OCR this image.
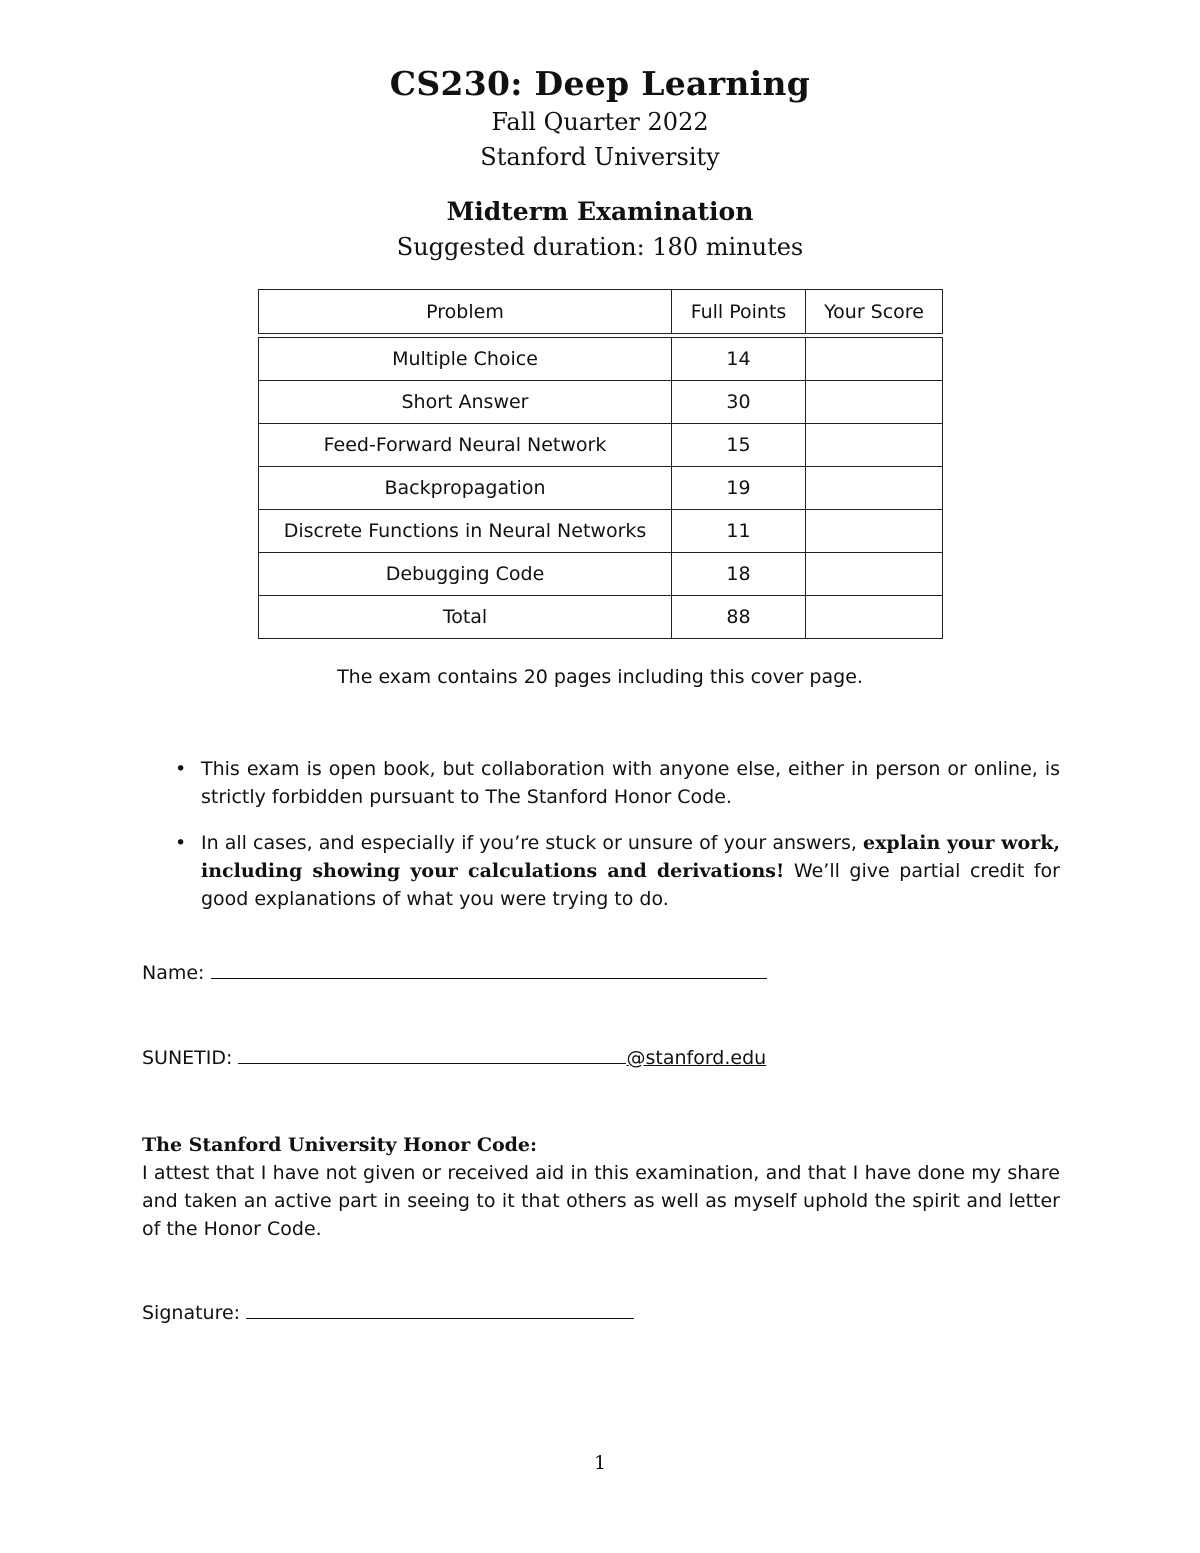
CS230: Deep Learning
Fall Quarter 2022
Stanford University
Midterm Examination
Suggested duration: 180 minutes
Problem	Full Points	Your Score

Multiple Choice	14	
Short Answer	30	
Feed-Forward Neural Network	15	
Backpropagation	19	
Discrete Functions in Neural Networks	11	
Debugging Code	18	
Total	88	
The exam contains 20 pages including this cover page.
• This exam is open book, but collaboration with anyone else, either in person or online, is strictly forbidden pursuant to The Stanford Honor Code.
• In all cases, and especially if you’re stuck or unsure of your answers, explain your work, including showing your calculations and derivations! We’ll give partial credit for good explanations of what you were trying to do.
Name:
SUNETID:	@stanford.edu
The Stanford University Honor Code:
I attest that I have not given or received aid in this examination, and that I have done my share and taken an active part in seeing to it that others as well as myself uphold the spirit and letter of the Honor Code.
Signature:
1
